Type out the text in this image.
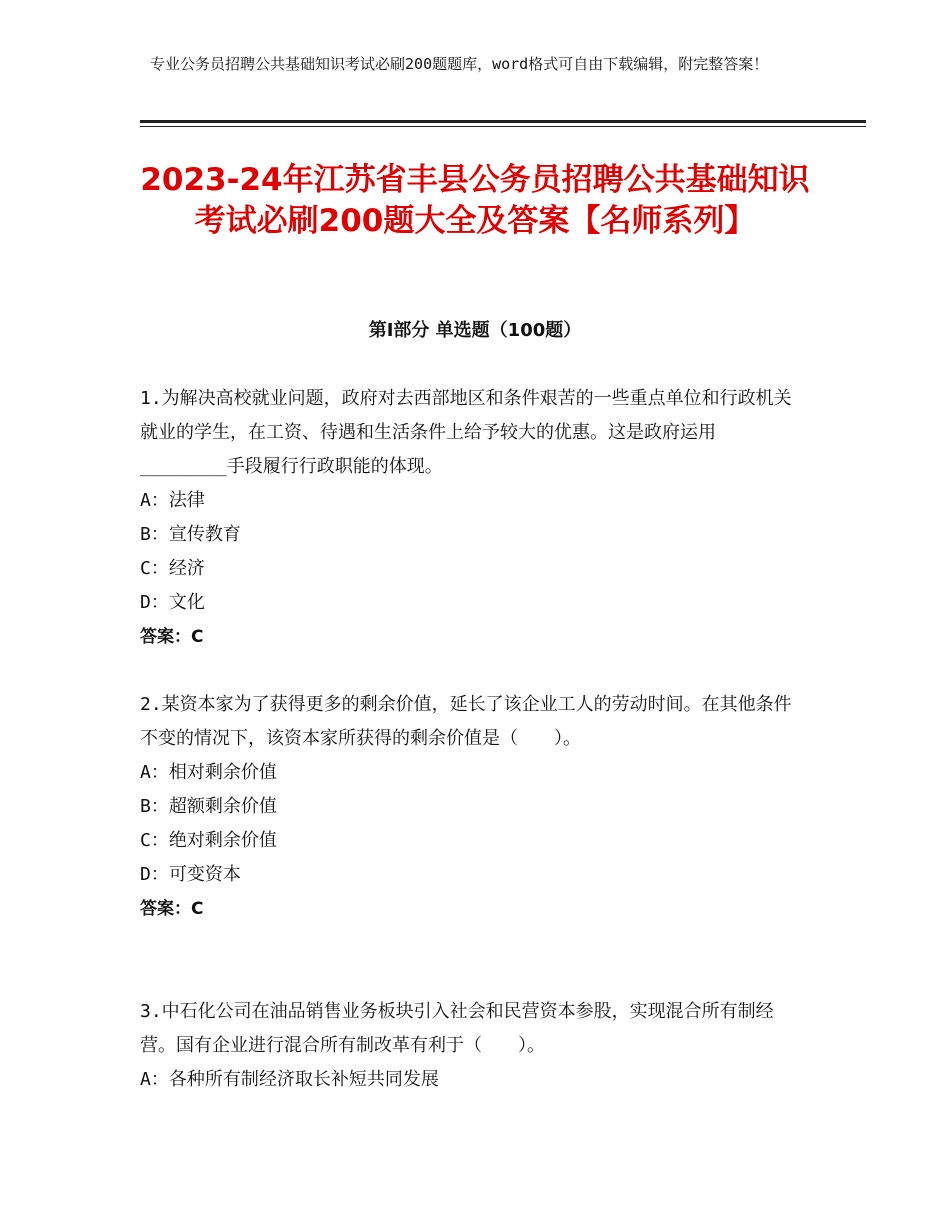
专业公务员招聘公共基础知识考试必刷200题题库，word格式可自由下载编辑，附完整答案！
2023-24年江苏省丰县公务员招聘公共基础知识考试必刷200题大全及答案【名师系列】
第Ⅰ部分 单选题（100题）

1.为解决高校就业问题，政府对去西部地区和条件艰苦的一些重点单位和行政机关就业的学生，在工资、待遇和生活条件上给予较大的优惠。这是政府运用________手段履行行政职能的体现。

A：法律

B：宣传教育

C：经济

D：文化

答案：C

2.某资本家为了获得更多的剩余价值，延长了该企业工人的劳动时间。在其他条件不变的情况下，该资本家所获得的剩余价值是（　　）。

A：相对剩余价值

B：超额剩余价值

C：绝对剩余价值

D：可变资本

答案：C

3.中石化公司在油品销售业务板块引入社会和民营资本参股，实现混合所有制经营。国有企业进行混合所有制改革有利于（　　）。

A：各种所有制经济取长补短共同发展
